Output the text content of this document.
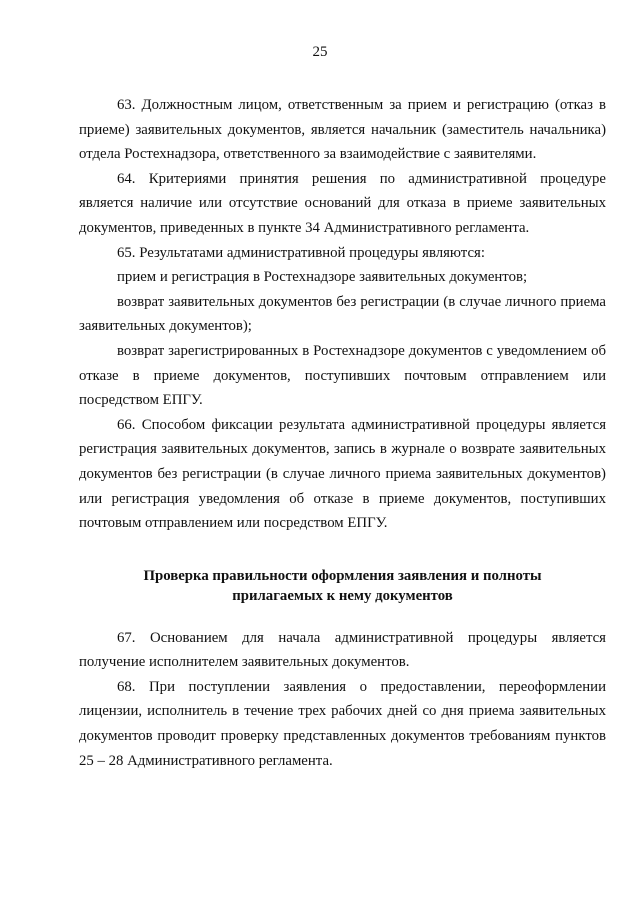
25

63. Должностным лицом, ответственным за прием и регистрацию (отказ в приеме) заявительных документов, является начальник (заместитель начальника) отдела Ростехнадзора, ответственного за взаимодействие с заявителями.

64. Критериями принятия решения по административной процедуре является наличие или отсутствие оснований для отказа в приеме заявительных документов, приведенных в пункте 34 Административного регламента.

65. Результатами административной процедуры являются:

прием и регистрация в Ростехнадзоре заявительных документов;

возврат заявительных документов без регистрации (в случае личного приема заявительных документов);

возврат зарегистрированных в Ростехнадзоре документов с уведомлением об отказе в приеме документов, поступивших почтовым отправлением или посредством ЕПГУ.

66. Способом фиксации результата административной процедуры является регистрация заявительных документов, запись в журнале о возврате заявительных документов без регистрации (в случае личного приема заявительных документов) или регистрация уведомления об отказе в приеме документов, поступивших почтовым отправлением или посредством ЕПГУ.

Проверка правильности оформления заявления и полноты
прилагаемых к нему документов

67. Основанием для начала административной процедуры является получение исполнителем заявительных документов.

68. При поступлении заявления о предоставлении, переоформлении лицензии, исполнитель в течение трех рабочих дней со дня приема заявительных документов проводит проверку представленных документов требованиям пунктов 25 – 28 Административного регламента.
